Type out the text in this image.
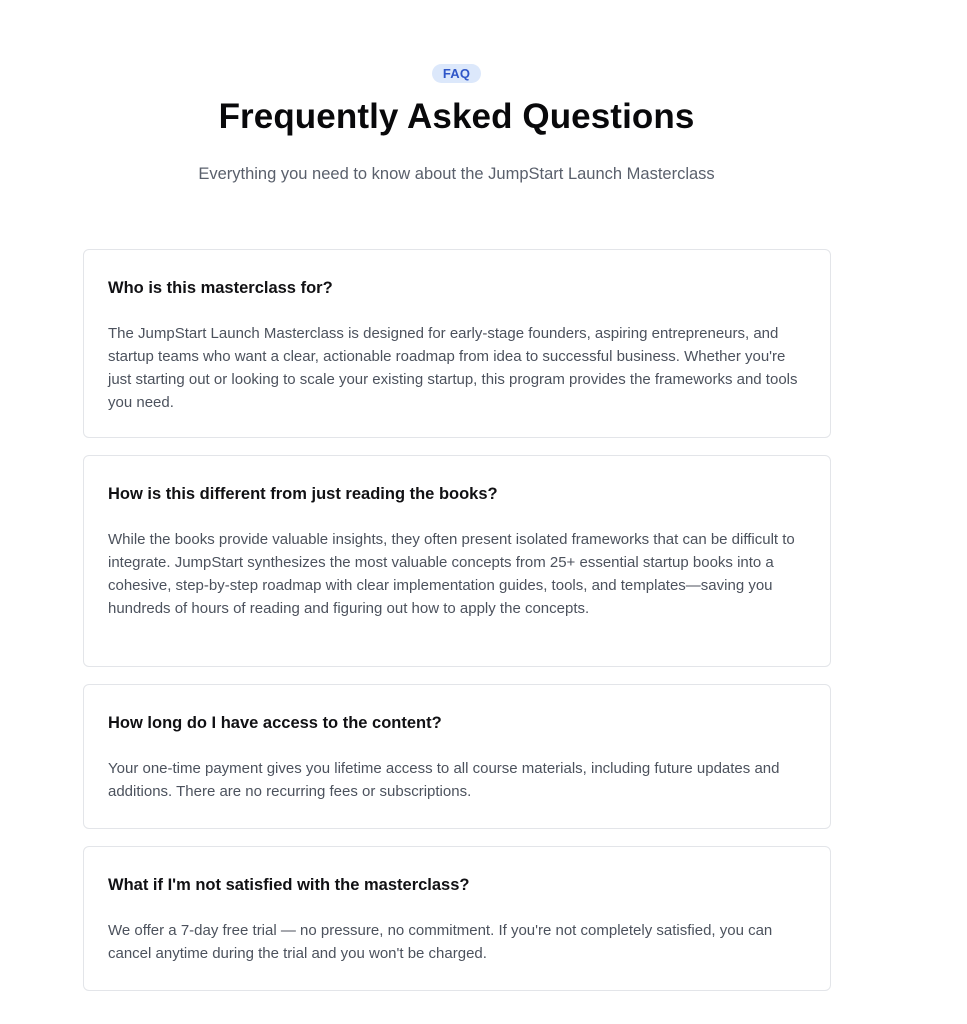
FAQ
Frequently Asked Questions

Everything you need to know about the JumpStart Launch Masterclass

Who is this masterclass for?

The JumpStart Launch Masterclass is designed for early-stage founders, aspiring entrepreneurs, and startup teams who want a clear, actionable roadmap from idea to successful business. Whether you're just starting out or looking to scale your existing startup, this program provides the frameworks and tools you need.

How is this different from just reading the books?

While the books provide valuable insights, they often present isolated frameworks that can be difficult to integrate. JumpStart synthesizes the most valuable concepts from 25+ essential startup books into a cohesive, step-by-step roadmap with clear implementation guides, tools, and templates—saving you hundreds of hours of reading and figuring out how to apply the concepts.

How long do I have access to the content?

Your one-time payment gives you lifetime access to all course materials, including future updates and additions. There are no recurring fees or subscriptions.

What if I'm not satisfied with the masterclass?

We offer a 7-day free trial — no pressure, no commitment. If you're not completely satisfied, you can cancel anytime during the trial and you won't be charged.
